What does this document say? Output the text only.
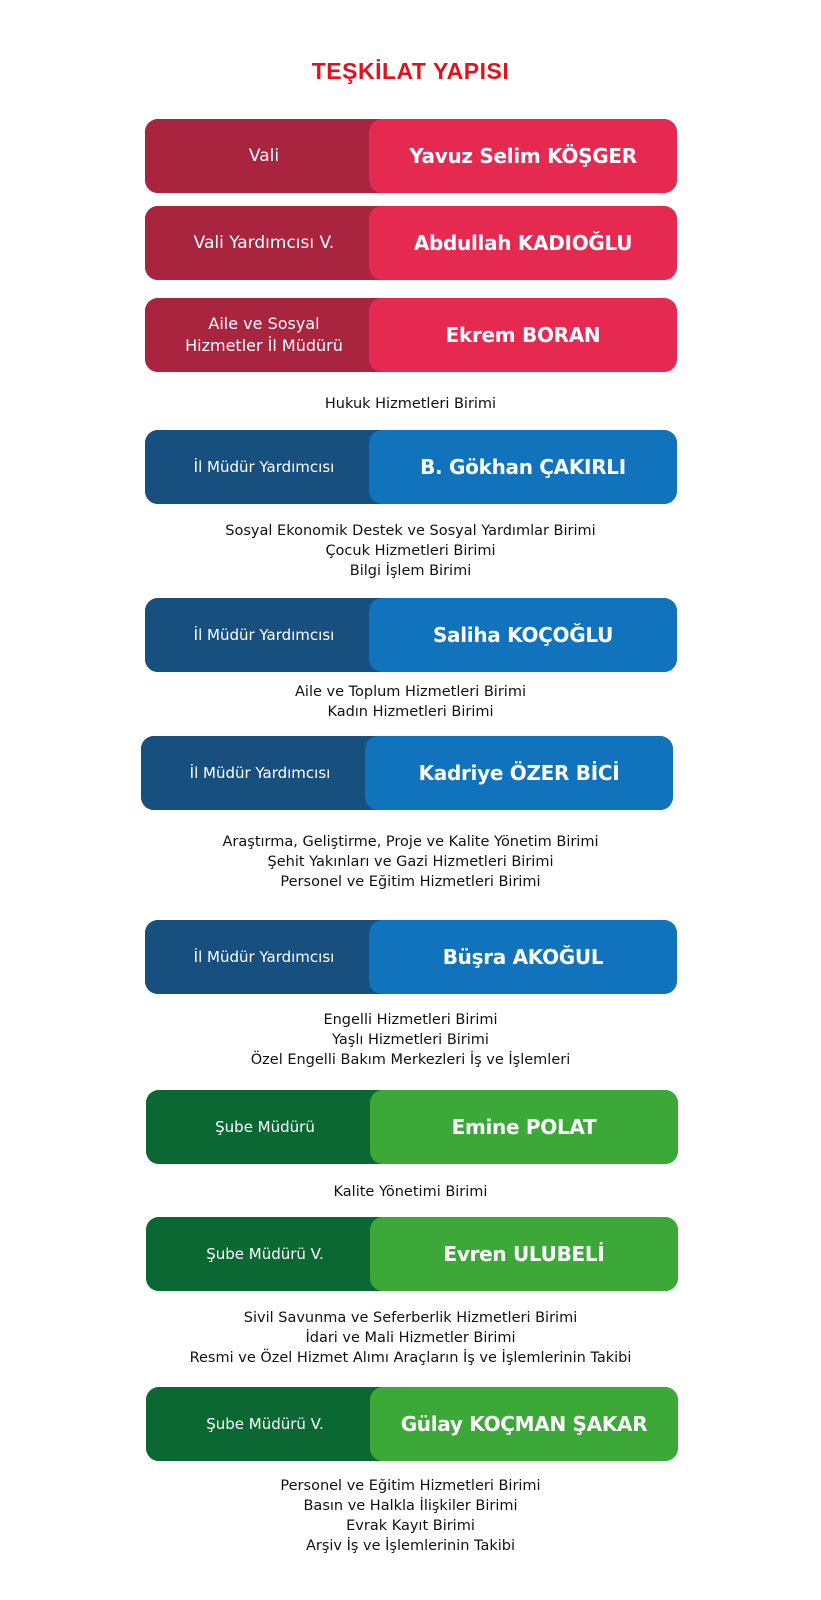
TEŞKİLAT YAPISI
Vali	Yavuz Selim KÖŞGER
Vali Yardımcısı V.	Abdullah KADIOĞLU
Aile ve Sosyal
Hizmetler İl Müdürü	Ekrem BORAN
Hukuk Hizmetleri Birimi
İl Müdür Yardımcısı	B. Gökhan ÇAKIRLI
Sosyal Ekonomik Destek ve Sosyal Yardımlar Birimi
Çocuk Hizmetleri Birimi
Bilgi İşlem Birimi
İl Müdür Yardımcısı	Saliha KOÇOĞLU
Aile ve Toplum Hizmetleri Birimi
Kadın Hizmetleri Birimi
İl Müdür Yardımcısı	Kadriye ÖZER BİCİ
Araştırma, Geliştirme, Proje ve Kalite Yönetim Birimi
Şehit Yakınları ve Gazi Hizmetleri Birimi
Personel ve Eğitim Hizmetleri Birimi
İl Müdür Yardımcısı	Büşra AKOĞUL
Engelli Hizmetleri Birimi
Yaşlı Hizmetleri Birimi
Özel Engelli Bakım Merkezleri İş ve İşlemleri
Şube Müdürü	Emine POLAT
Kalite Yönetimi Birimi
Şube Müdürü V.	Evren ULUBELİ
Sivil Savunma ve Seferberlik Hizmetleri Birimi
İdari ve Mali Hizmetler Birimi
Resmi ve Özel Hizmet Alımı Araçların İş ve İşlemlerinin Takibi
Şube Müdürü V.	Gülay KOÇMAN ŞAKAR
Personel ve Eğitim Hizmetleri Birimi
Basın ve Halkla İlişkiler Birimi
Evrak Kayıt Birimi
Arşiv İş ve İşlemlerinin Takibi
